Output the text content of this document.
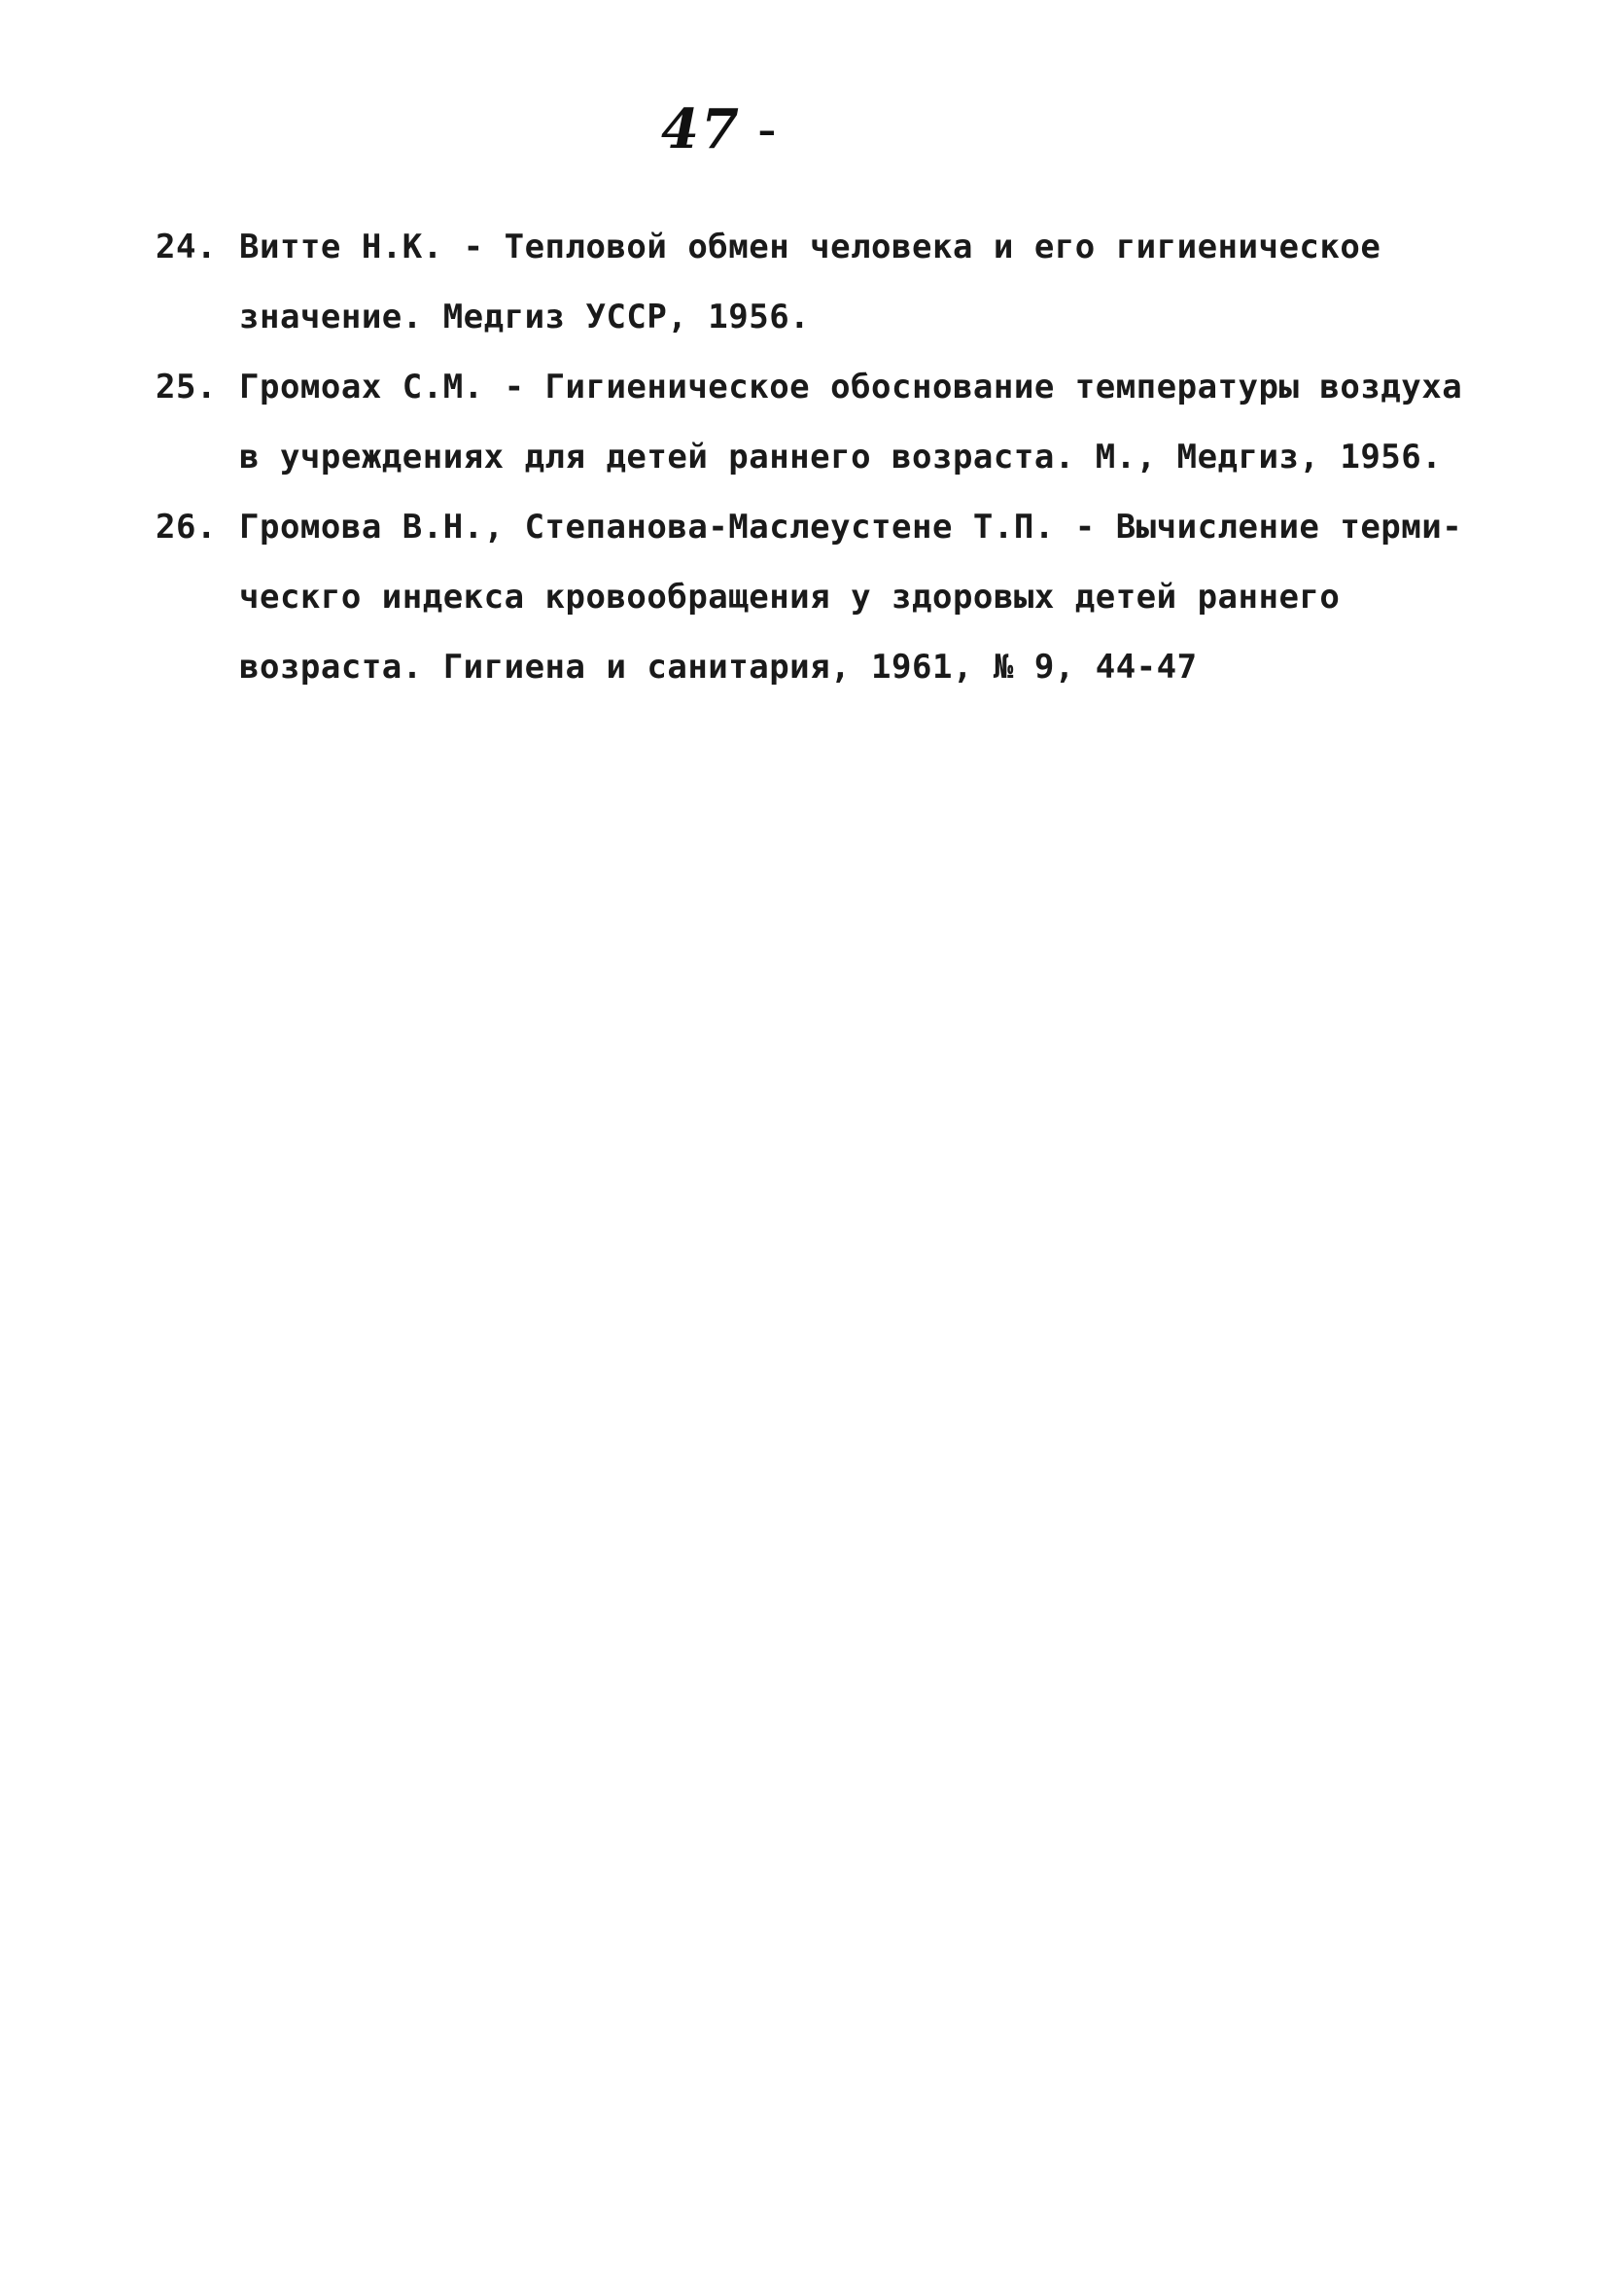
47 -
24. Витте Н.К. - Тепловой обмен человека и его гигиеническое
значение. Медгиз УССР, 1956.
25. Громоах С.М. - Гигиеническое обоснование температуры воздуха
в учреждениях для детей раннего возраста. М., Медгиз, 1956.
26. Громова В.Н., Степанова-Маслеустене Т.П. - Вычисление терми-
ческго индекса кровообращения у здоровых детей раннего
возраста. Гигиена и санитария, 1961, № 9, 44-47
